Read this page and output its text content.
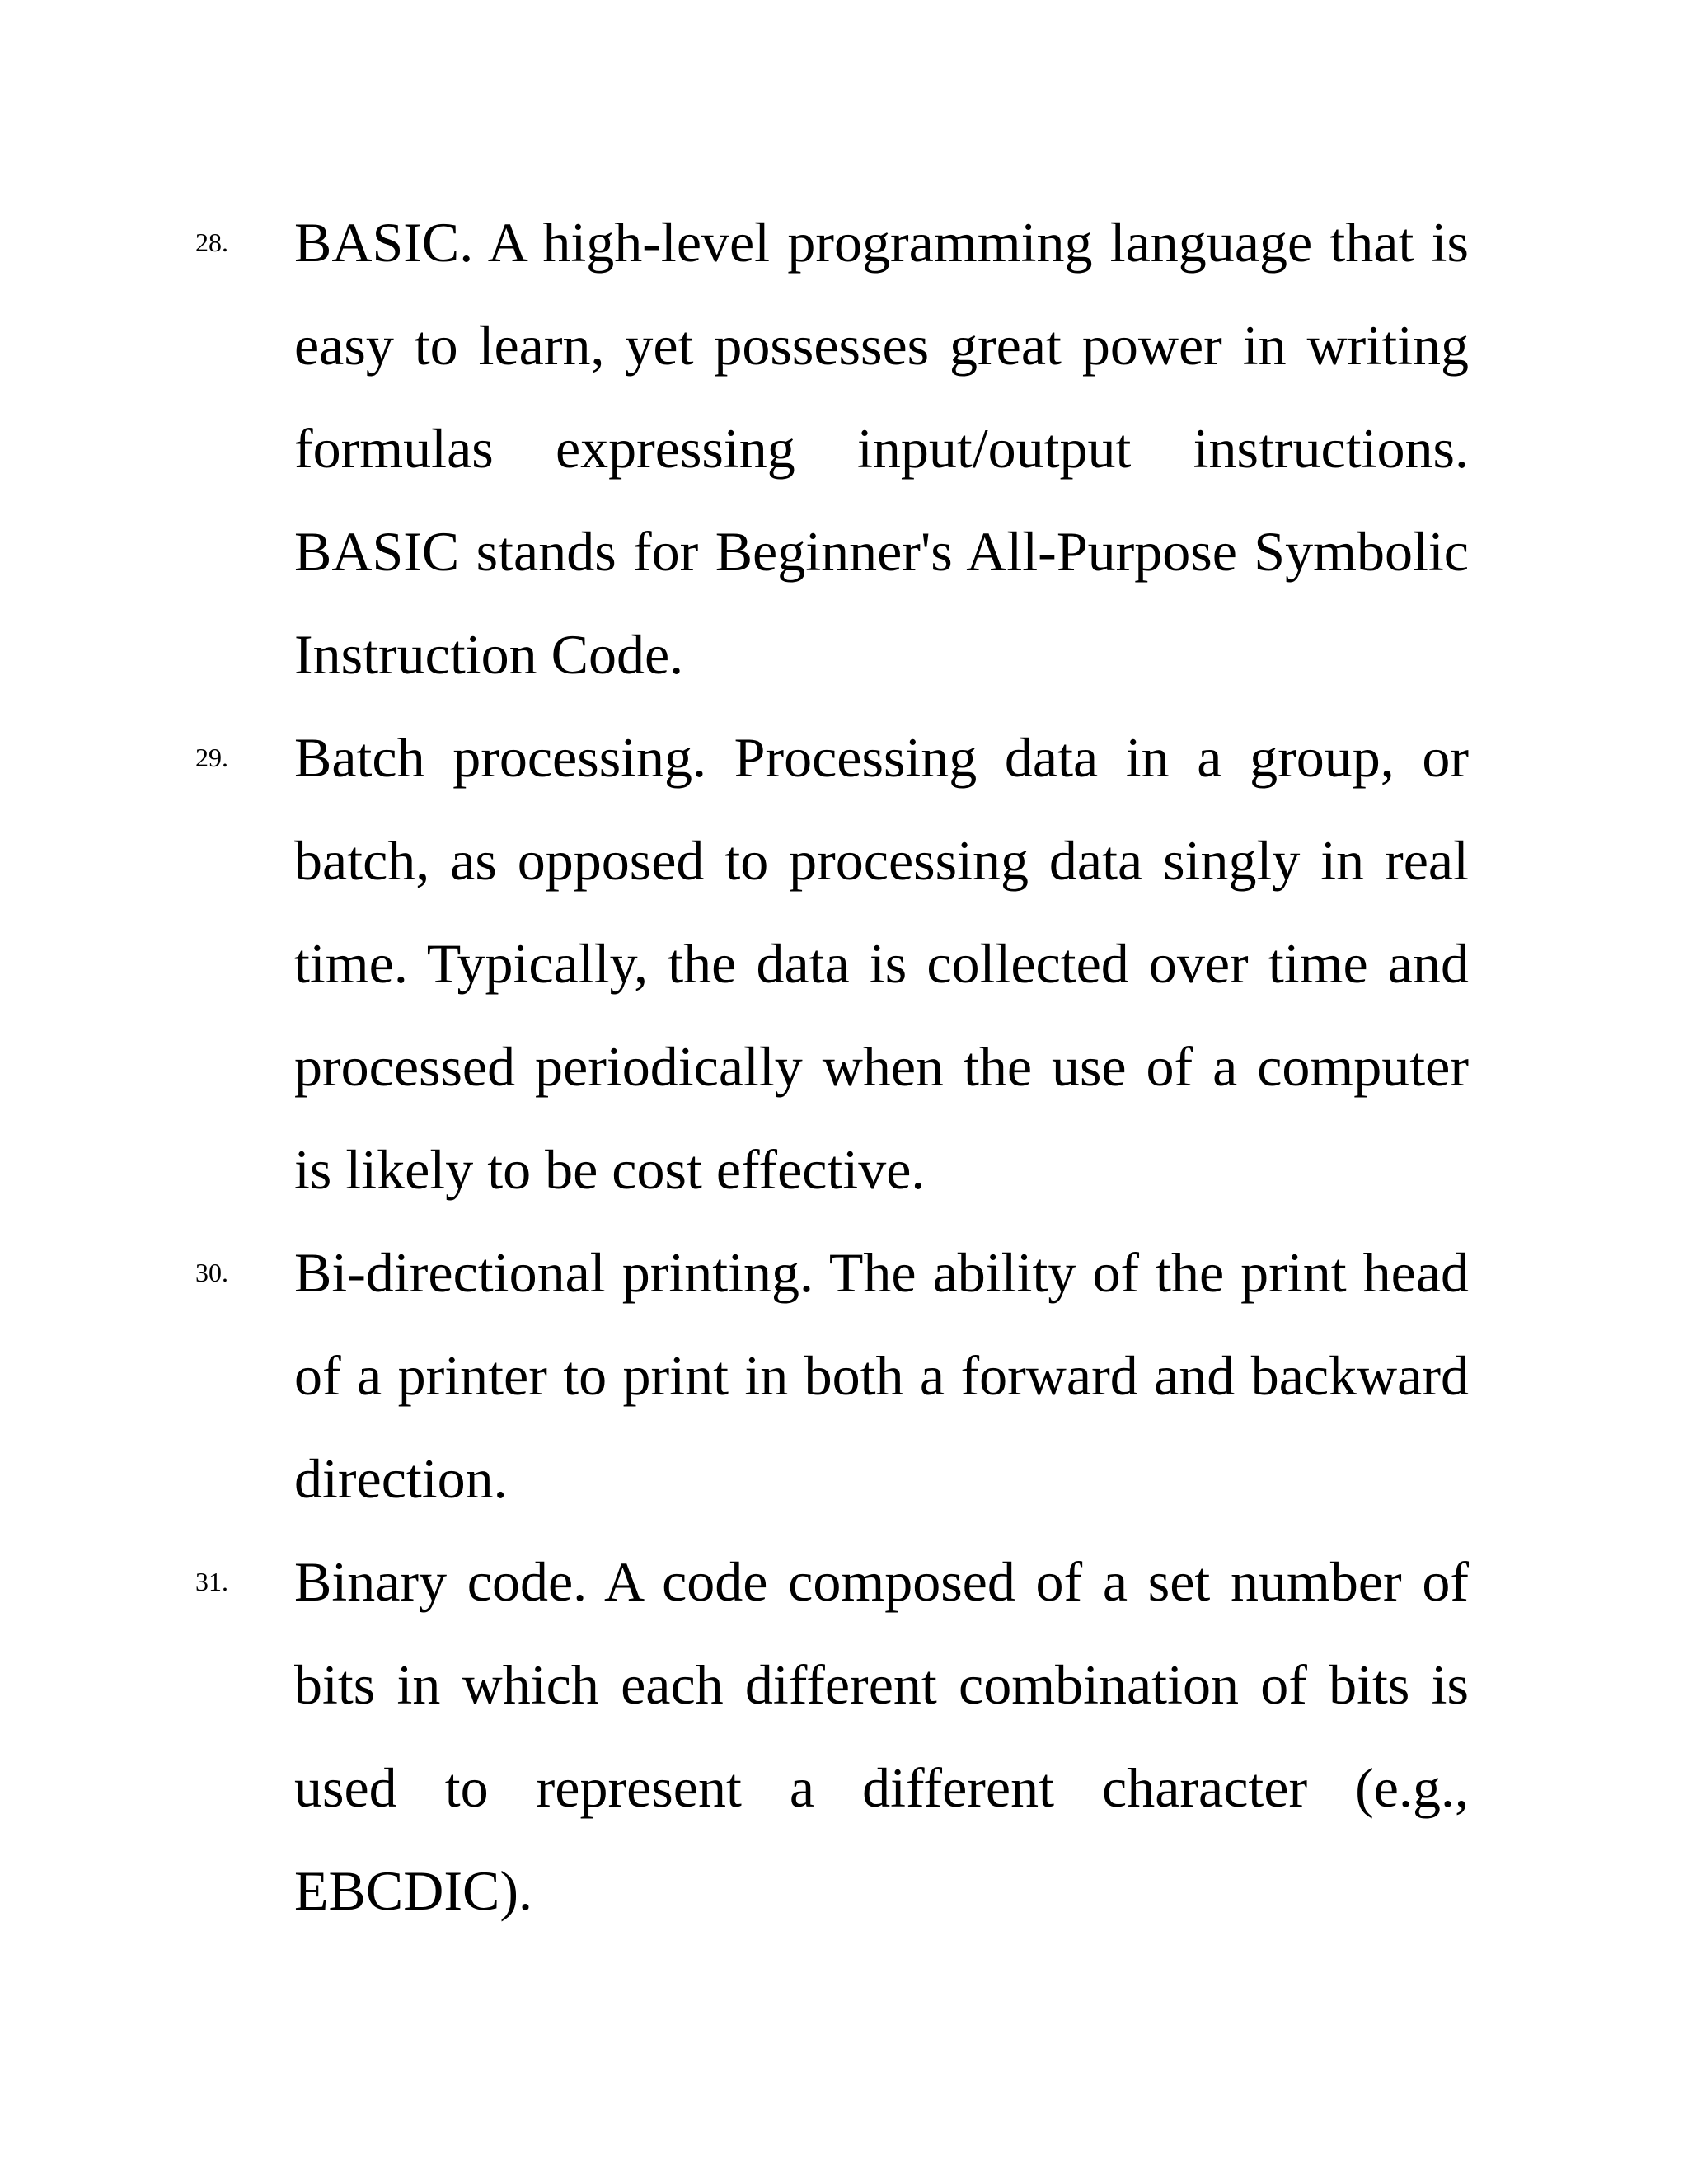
28. BASIC. A high-level programming language that is easy to learn, yet possesses great power in writing formulas expressing input/output instructions. BASIC stands for Beginner's All-Purpose Symbolic Instruction Code.
29. Batch processing. Processing data in a group, or batch, as opposed to processing data singly in real time. Typically, the data is collected over time and processed periodically when the use of a computer is likely to be cost effective.
30. Bi-directional printing. The ability of the print head of a printer to print in both a forward and backward direction.
31. Binary code. A code composed of a set number of bits in which each different combination of bits is used to represent a different character (e.g., EBCDIC).
